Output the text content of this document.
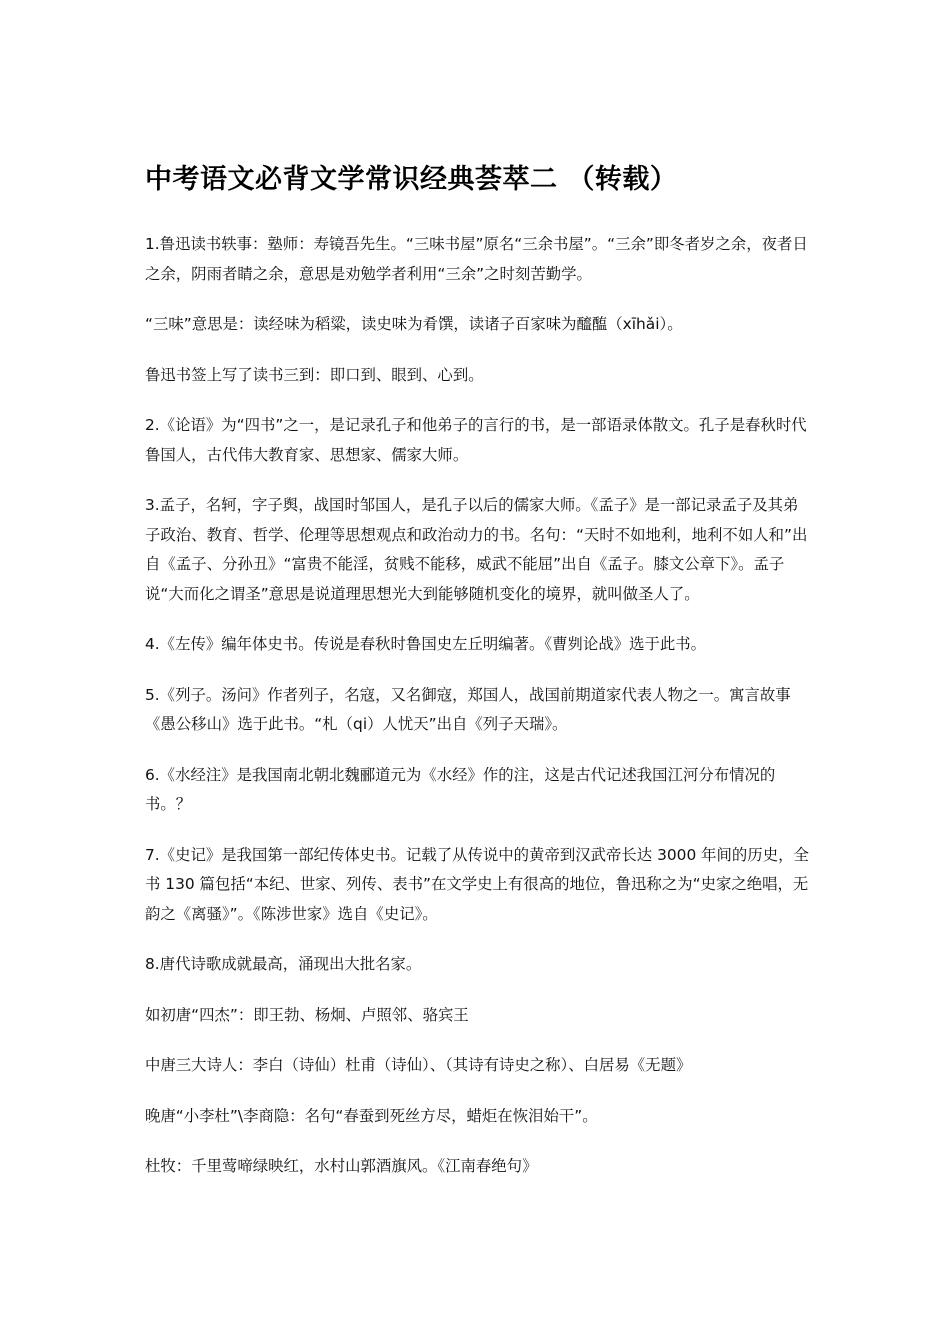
中考语文必背文学常识经典荟萃二 （转载）

1.鲁迅读书轶事：塾师：寿镜吾先生。“三味书屋”原名“三余书屋”。“三余”即冬者岁之余，夜者日之余，阴雨者睛之余，意思是劝勉学者利用“三余”之时刻苦勤学。

“三味”意思是：读经味为稻粱，读史味为肴馔，读诸子百家味为醯醢（xīhǎi）。

鲁迅书签上写了读书三到：即口到、眼到、心到。

2.《论语》为“四书”之一，是记录孔子和他弟子的言行的书，是一部语录体散文。孔子是春秋时代鲁国人，古代伟大教育家、思想家、儒家大师。

3.孟子，名轲，字子舆，战国时邹国人，是孔子以后的儒家大师。《孟子》是一部记录孟子及其弟子政治、教育、哲学、伦理等思想观点和政治动力的书。名句：“天时不如地利，地利不如人和”出自《孟子、分孙丑》“富贵不能淫，贫贱不能移，威武不能屈”出自《孟子。膝文公章下》。孟子说“大而化之谓圣”意思是说道理思想光大到能够随机变化的境界，就叫做圣人了。

4.《左传》编年体史书。传说是春秋时鲁国史左丘明编著。《曹刿论战》选于此书。

5.《列子。汤问》作者列子，名寇，又名御寇，郑国人，战国前期道家代表人物之一。寓言故事《愚公移山》选于此书。“札（qi）人忧天”出自《列子天瑞》。

6.《水经注》是我国南北朝北魏郦道元为《水经》作的注，这是古代记述我国江河分布情况的书。？

7.《史记》是我国第一部纪传体史书。记载了从传说中的黄帝到汉武帝长达 3000 年间的历史，全书 130 篇包括“本纪、世家、列传、表书”在文学史上有很高的地位，鲁迅称之为“史家之绝唱，无韵之《离骚》”。《陈涉世家》选自《史记》。

8.唐代诗歌成就最高，涌现出大批名家。

如初唐“四杰”：即王勃、杨炯、卢照邻、骆宾王

中唐三大诗人：李白（诗仙）杜甫（诗仙）、（其诗有诗史之称）、白居易《无题》

晚唐“小李杜”\李商隐：名句“春蚕到死丝方尽，蜡炬在恢泪始干”。

杜牧：千里莺啼绿映红，水村山郭酒旗风。《江南春绝句》
